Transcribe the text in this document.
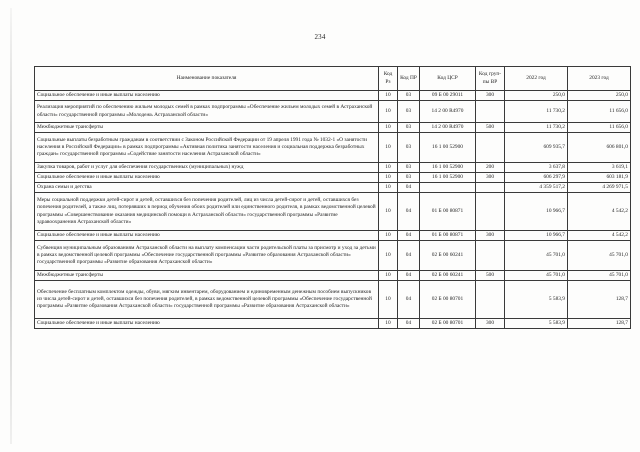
234
Наименование показателя	Код Рз	Код ПР	Код ЦСР	Код груп-пы ВР	2022 год	2023 год
Социальное обеспечение и иные выплаты населению	10	03	09 Б 00 29011	300	250,0	250,0
Реализация мероприятий по обеспечению жильем молодых семей в рамках подпрограммы «Обеспечение жильем молодых семей в Астраханской области» государственной программы «Молодежь Астраханской области»	10	03	14 2 00 R4970		11 730,2	11 656,0
Межбюджетные трансферты	10	03	14 2 00 R4970	500	11 730,2	11 656,0
Социальные выплаты безработным гражданам в соответствии с Законом Российской Федерации от 19 апреля 1991 года № 1032-1 «О занятости населения в Российской Федерации» в рамках подпрограммы «Активная политика занятости населения и социальная поддержка безработных граждан» государственной программы «Содействие занятости населения Астраханской области»	10	03	16 1 00 52900		609 935,7	606 801,0
Закупка товаров, работ и услуг для обеспечения государственных (муниципальных) нужд	10	03	16 1 00 52900	200	3 637,8	3 619,1
Социальное обеспечение и иные выплаты населению	10	03	16 1 00 52900	300	606 297,9	603 181,9
Охрана семьи и детства	10	04			4 359 517,2	4 269 971,5
Меры социальной поддержки детей-сирот и детей, оставшихся без попечения родителей, лиц из числа детей-сирот и детей, оставшихся без попечения родителей, а также лиц, потерявших в период обучения обоих родителей или единственного родителя, в рамках ведомственной целевой программы «Совершенствование оказания медицинской помощи в Астраханской области» государственной программы «Развитие здравоохранения Астраханской области»	10	04	01 Б 00 80871		10 966,7	4 542,2
Социальное обеспечение и иные выплаты населению	10	04	01 Б 00 80871	300	10 966,7	4 542,2
Субвенция муниципальным образованиям Астраханской области на выплату компенсации части родительской платы за присмотр и уход за детьми в рамках ведомственной целевой программы «Обеспечение государственной программы «Развитие образования Астраханской области» государственной программы «Развитие образования Астраханской области»	10	04	02 Б 00 60241		45 701,0	45 701,0
Межбюджетные трансферты	10	04	02 Б 00 60241	500	45 701,0	45 701,0
Обеспечение бесплатным комплектом одежды, обуви, мягким инвентарем, оборудованием и единовременным денежным пособием выпускников из числа детей-сирот и детей, оставшихся без попечения родителей, в рамках ведомственной целевой программы «Обеспечение государственной программы «Развитие образования Астраханской области» государственной программы «Развитие образования Астраханской области»	10	04	02 Б 00 80701		5 583,9	128,7
Социальное обеспечение и иные выплаты населению	10	04	02 Б 00 80701	300	5 583,9	128,7
